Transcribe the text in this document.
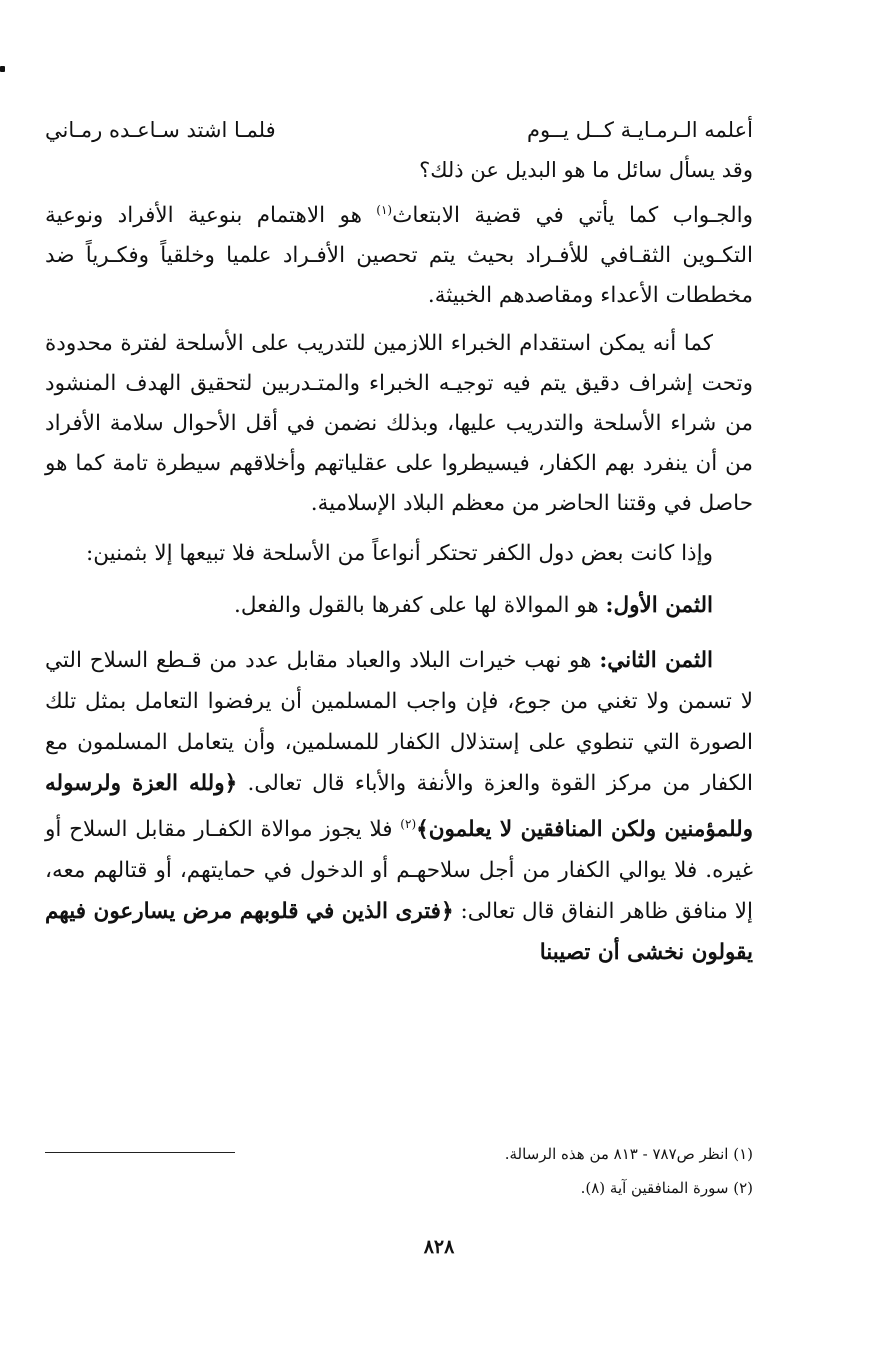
أعلمه الـرمـايـة كــل يــوم
فلمـا اشتد سـاعـده رمـاني
وقد يسأل سائل ما هو البديل عن ذلك؟

والجـواب كما يأتي في قضية الابتعاث$^{(١)}$ هو الاهتمام بنوعية الأفراد ونوعية التكـوين الثقـافي للأفـراد بحيث يتم تحصين الأفـراد علميا وخلقياً وفكـرياً ضد مخططات الأعداء ومقاصدهم الخبيثة.

كما أنه يمكن استقدام الخبراء اللازمين للتدريب على الأسلحة لفترة محدودة وتحت إشراف دقيق يتم فيه توجيـه الخبراء والمتـدربين لتحقيق الهدف المنشود من شراء الأسلحة والتدريب عليها، وبذلك نضمن في أقل الأحوال سلامة الأفراد من أن ينفرد بهم الكفار، فيسيطروا على عقلياتهم وأخلاقهم سيطرة تامة كما هو حاصل في وقتنا الحاضر من معظم البلاد الإسلامية.

وإذا كانت بعض دول الكفر تحتكر أنواعاً من الأسلحة فلا تبيعها إلا بثمنين:

الثمن الأول: هو الموالاة لها على كفرها بالقول والفعل.

الثمن الثاني: هو نهب خيرات البلاد والعباد مقابل عدد من قـطع السلاح التي لا تسمن ولا تغني من جوع، فإن واجب المسلمين أن يرفضوا التعامل بمثل تلك الصورة التي تنطوي على إستذلال الكفار للمسلمين، وأن يتعامل المسلمون مع الكفار من مركز القوة والعزة والأنفة والأباء قال تعالى. ﴿ولله العزة ولرسوله وللمؤمنين ولكن المنافقين لا يعلمون﴾$^{(٢)}$ فلا يجوز موالاة الكفـار مقابل السلاح أو غيره. فلا يوالي الكفار من أجل سلاحهـم أو الدخول في حمايتهم، أو قتالهم معه، إلا منافق ظاهر النفاق قال تعالى: ﴿فترى الذين في قلوبهم مرض يسارعون فيهم يقولون نخشى أن تصيبنا

(١) انظر ص٧٨٧ - ٨١٣ من هذه الرسالة.
(٢) سورة المنافقين آية (٨).
٨٢٨
